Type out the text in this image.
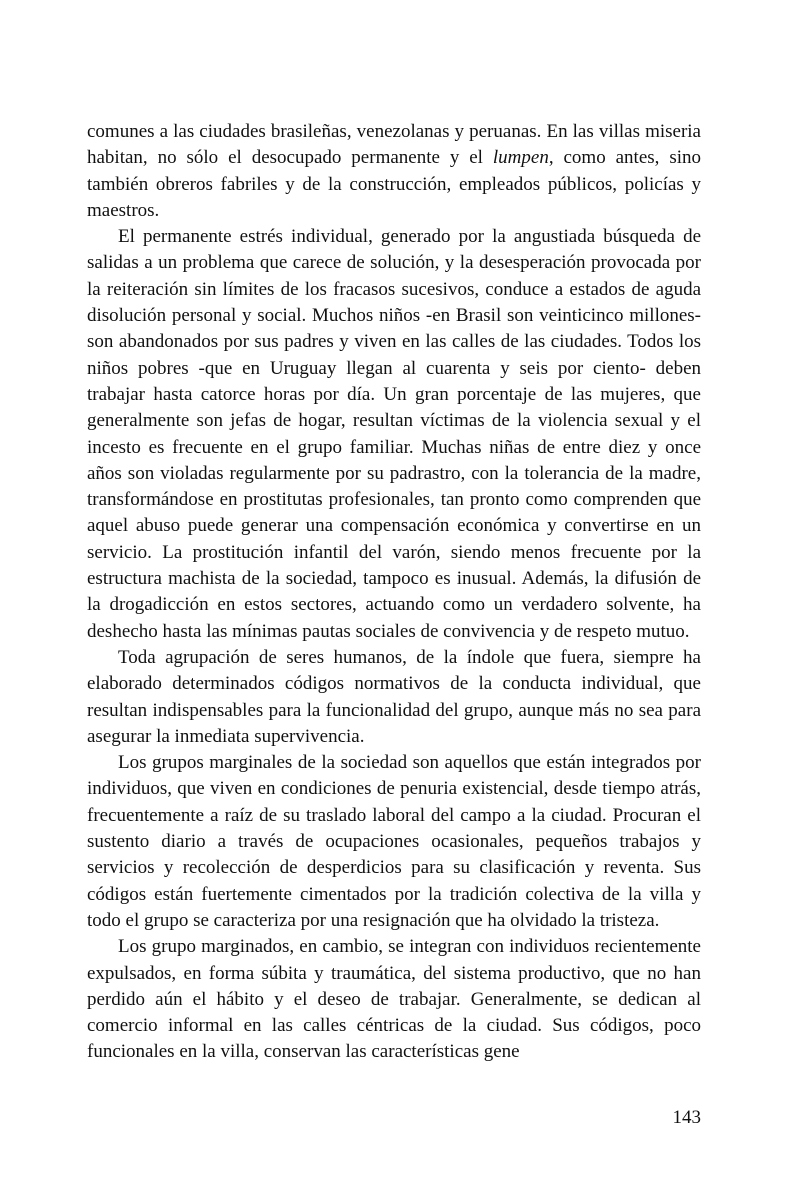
comunes a las ciudades brasileñas, venezolanas y peruanas. En las villas miseria habitan, no sólo el desocupado permanente y el lumpen, como antes, sino también obreros fabriles y de la construcción, empleados públicos, policías y maestros.

El permanente estrés individual, generado por la angustiada búsqueda de salidas a un problema que carece de solución, y la desesperación provocada por la reiteración sin límites de los fracasos sucesivos, conduce a estados de aguda disolución personal y social. Muchos niños -en Brasil son veinticinco millones- son abandonados por sus padres y viven en las calles de las ciudades. Todos los niños pobres -que en Uruguay llegan al cuarenta y seis por ciento- deben trabajar hasta catorce horas por día. Un gran porcentaje de las mujeres, que generalmente son jefas de hogar, resultan víctimas de la violencia sexual y el incesto es frecuente en el grupo familiar. Muchas niñas de entre diez y once años son violadas regularmente por su padrastro, con la tolerancia de la madre, transformándose en prostitutas profesionales, tan pronto como comprenden que aquel abuso puede generar una compensación económica y convertirse en un servicio. La prostitución infantil del varón, siendo menos frecuente por la estructura machista de la sociedad, tampoco es inusual. Además, la difusión de la drogadicción en estos sectores, actuando como un verdadero solvente, ha deshecho hasta las mínimas pautas sociales de convivencia y de respeto mutuo.

Toda agrupación de seres humanos, de la índole que fuera, siempre ha elaborado determinados códigos normativos de la conducta individual, que resultan indispensables para la funcionalidad del grupo, aunque más no sea para asegurar la inmediata supervivencia.

Los grupos marginales de la sociedad son aquellos que están integrados por individuos, que viven en condiciones de penuria existencial, desde tiempo atrás, frecuentemente a raíz de su traslado laboral del campo a la ciudad. Procuran el sustento diario a través de ocupaciones ocasionales, pequeños trabajos y servicios y recolección de desperdicios para su clasificación y reventa. Sus códigos están fuertemente cimentados por la tradición colectiva de la villa y todo el grupo se caracteriza por una resignación que ha olvidado la tristeza.

Los grupo marginados, en cambio, se integran con individuos recientemente expulsados, en forma súbita y traumática, del sistema productivo, que no han perdido aún el hábito y el deseo de trabajar. Generalmente, se dedican al comercio informal en las calles céntricas de la ciudad. Sus códigos, poco funcionales en la villa, conservan las características gene

143
